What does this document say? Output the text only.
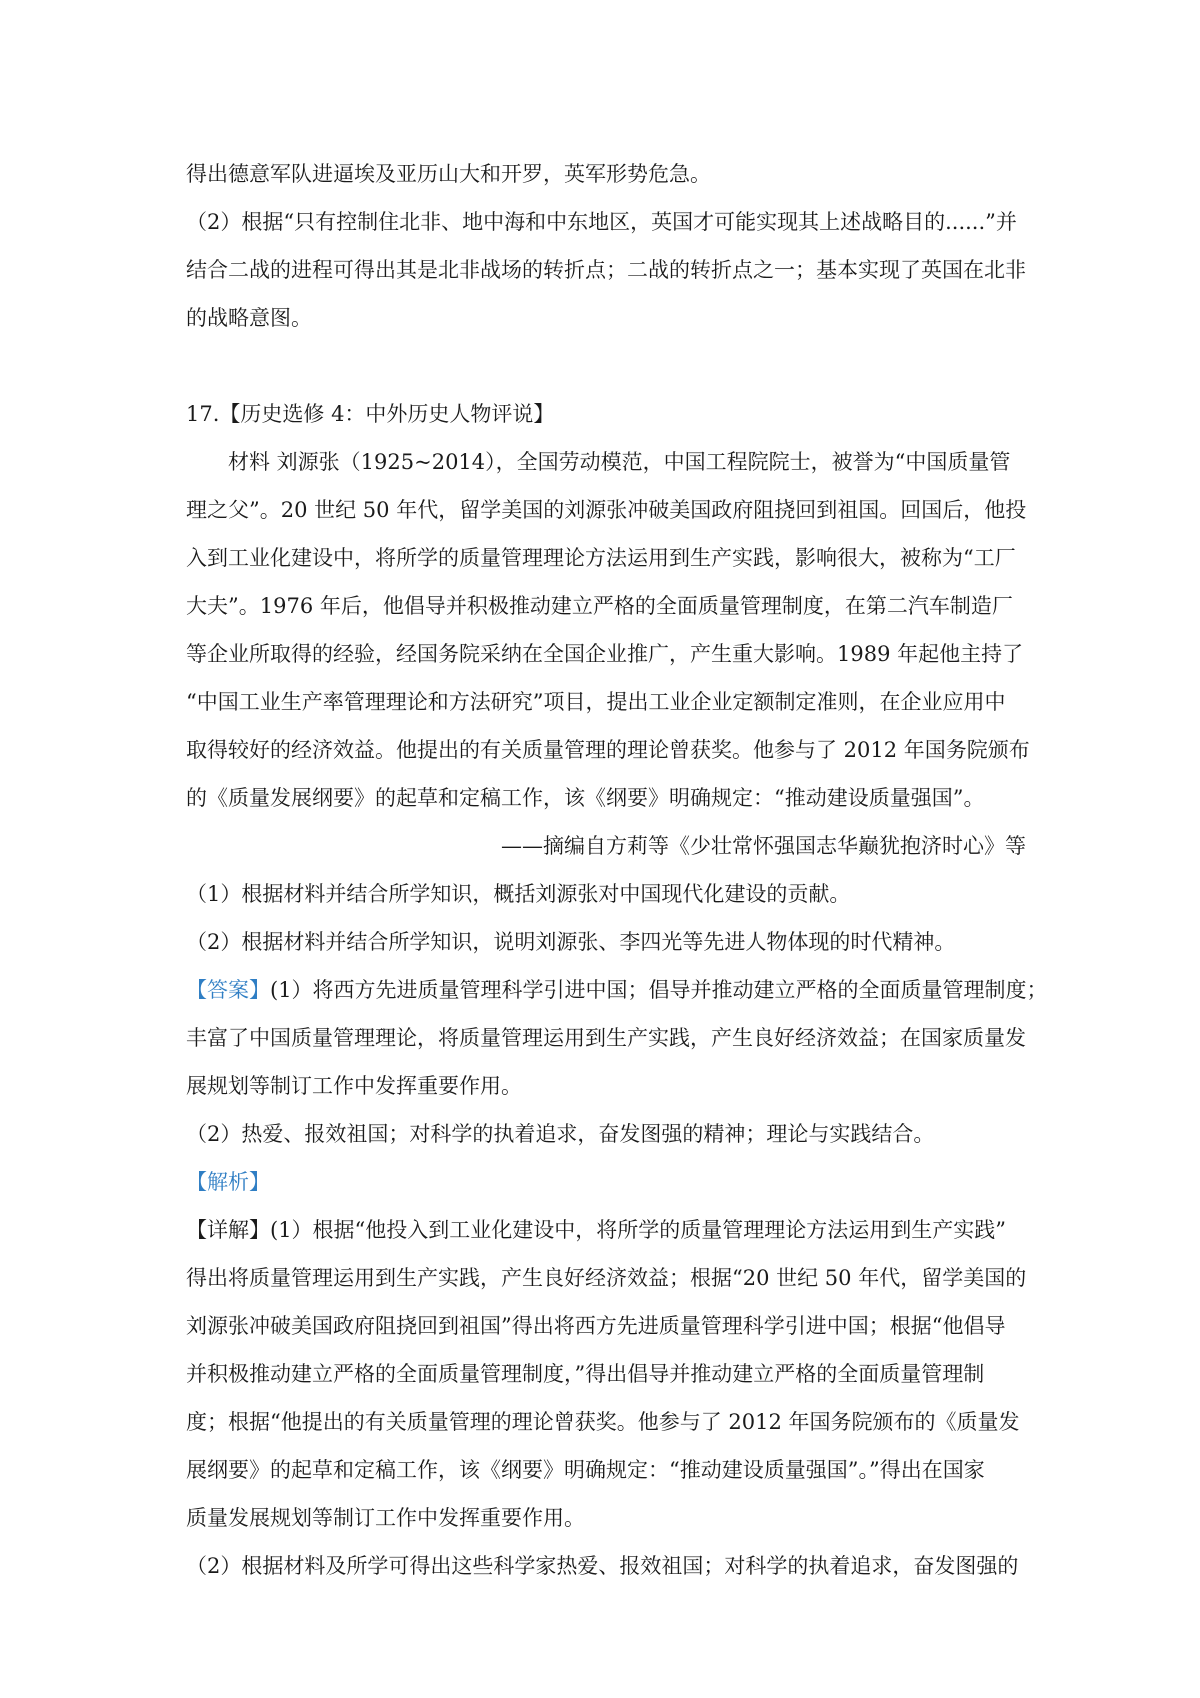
得出德意军队进逼埃及亚历山大和开罗，英军形势危急。
（2）根据“只有控制住北非、地中海和中东地区，英国才可能实现其上述战略目的......”并
结合二战的进程可得出其是北非战场的转折点；二战的转折点之一；基本实现了英国在北非
的战略意图。
17.【历史选修 4：中外历史人物评说】
材料 刘源张（1925~2014），全国劳动模范，中国工程院院士，被誉为“中国质量管
理之父”。20 世纪 50 年代，留学美国的刘源张冲破美国政府阻挠回到祖国。回国后，他投
入到工业化建设中，将所学的质量管理理论方法运用到生产实践，影响很大，被称为“工厂
大夫”。1976 年后，他倡导并积极推动建立严格的全面质量管理制度，在第二汽车制造厂
等企业所取得的经验，经国务院采纳在全国企业推广，产生重大影响。1989 年起他主持了
“中国工业生产率管理理论和方法研究”项目，提出工业企业定额制定准则，在企业应用中
取得较好的经济效益。他提出的有关质量管理的理论曾获奖。他参与了 2012 年国务院颁布
的《质量发展纲要》的起草和定稿工作，该《纲要》明确规定：“推动建设质量强国”。
——摘编自方莉等《少壮常怀强国志华巅犹抱济时心》等
（1）根据材料并结合所学知识，概括刘源张对中国现代化建设的贡献。
（2）根据材料并结合所学知识，说明刘源张、李四光等先进人物体现的时代精神。
【答案】(1）将西方先进质量管理科学引进中国；倡导并推动建立严格的全面质量管理制度；
丰富了中国质量管理理论，将质量管理运用到生产实践，产生良好经济效益；在国家质量发
展规划等制订工作中发挥重要作用。
（2）热爱、报效祖国；对科学的执着追求，奋发图强的精神；理论与实践结合。
【解析】
【详解】(1）根据“他投入到工业化建设中，将所学的质量管理理论方法运用到生产实践”
得出将质量管理运用到生产实践，产生良好经济效益；根据“20 世纪 50 年代，留学美国的
刘源张冲破美国政府阻挠回到祖国”得出将西方先进质量管理科学引进中国；根据“他倡导
并积极推动建立严格的全面质量管理制度，”得出倡导并推动建立严格的全面质量管理制
度；根据“他提出的有关质量管理的理论曾获奖。他参与了 2012 年国务院颁布的《质量发
展纲要》的起草和定稿工作，该《纲要》明确规定：“推动建设质量强国”。”得出在国家
质量发展规划等制订工作中发挥重要作用。
（2）根据材料及所学可得出这些科学家热爱、报效祖国；对科学的执着追求，奋发图强的
